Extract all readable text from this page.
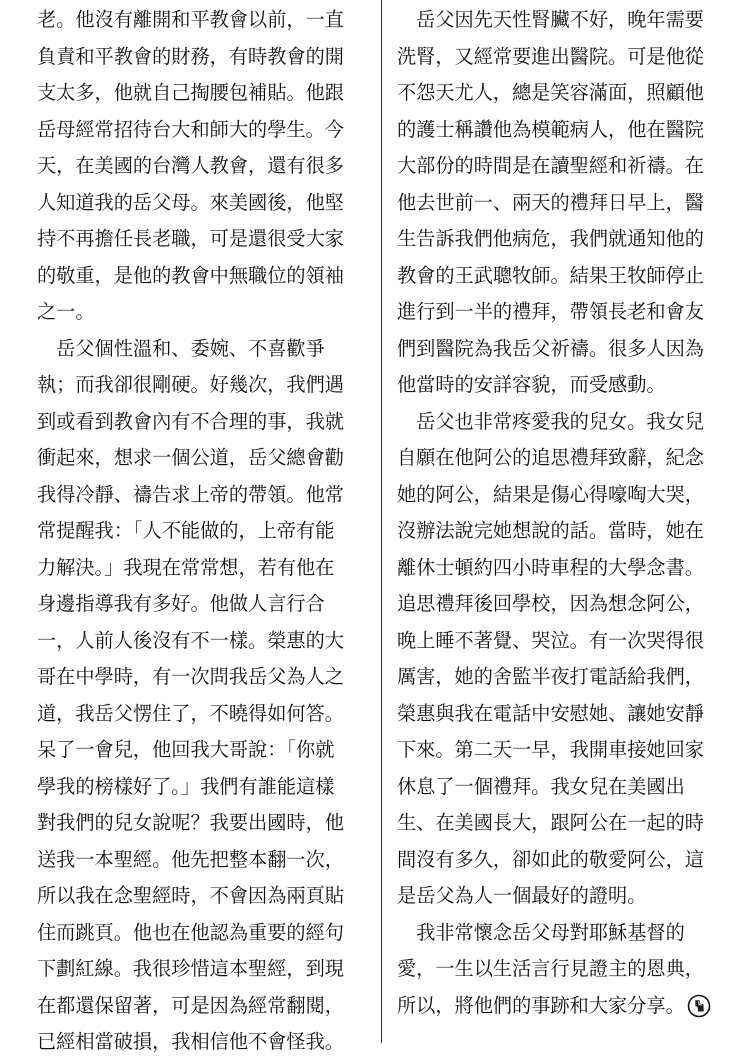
老。他沒有離開和平教會以前，一直
負責和平教會的財務，有時教會的開
支太多，他就自己掏腰包補貼。他跟
岳母經常招待台大和師大的學生。今
天，在美國的台灣人教會，還有很多
人知道我的岳父母。來美國後，他堅
持不再擔任長老職，可是還很受大家
的敬重，是他的教會中無職位的領袖
之一。
　岳父個性溫和、委婉、不喜歡爭
執；而我卻很剛硬。好幾次，我們遇
到或看到教會內有不合理的事，我就
衝起來，想求一個公道，岳父總會勸
我得冷靜、禱告求上帝的帶領。他常
常提醒我：「人不能做的，上帝有能
力解決。」我現在常常想，若有他在
身邊指導我有多好。他做人言行合
一，人前人後沒有不一樣。榮惠的大
哥在中學時，有一次問我岳父為人之
道，我岳父愣住了，不曉得如何答。
呆了一會兒，他回我大哥說：「你就
學我的榜樣好了。」我們有誰能這樣
對我們的兒女說呢？我要出國時，他
送我一本聖經。他先把整本翻一次，
所以我在念聖經時，不會因為兩頁貼
住而跳頁。他也在他認為重要的經句
下劃紅線。我很珍惜這本聖經，到現
在都還保留著，可是因為經常翻閱，
已經相當破損，我相信他不會怪我。
　岳父因先天性腎臟不好，晚年需要
洗腎，又經常要進出醫院。可是他從
不怨天尤人，總是笑容滿面，照顧他
的護士稱讚他為模範病人，他在醫院
大部份的時間是在讀聖經和祈禱。在
他去世前一、兩天的禮拜日早上，醫
生告訴我們他病危，我們就通知他的
教會的王武聰牧師。結果王牧師停止
進行到一半的禮拜，帶領長老和會友
們到醫院為我岳父祈禱。很多人因為
他當時的安詳容貌，而受感動。
　岳父也非常疼愛我的兒女。我女兒
自願在他阿公的追思禮拜致辭，紀念
她的阿公，結果是傷心得嚎啕大哭，
沒辦法說完她想說的話。當時，她在
離休士頓約四小時車程的大學念書。
追思禮拜後回學校，因為想念阿公，
晚上睡不著覺、哭泣。有一次哭得很
厲害，她的舍監半夜打電話給我們，
榮惠與我在電話中安慰她、讓她安靜
下來。第二天一早，我開車接她回家
休息了一個禮拜。我女兒在美國出
生、在美國長大，跟阿公在一起的時
間沒有多久，卻如此的敬愛阿公，這
是岳父為人一個最好的證明。
　我非常懷念岳父母對耶穌基督的
愛，一生以生活言行見證主的恩典，
所以，將他們的事跡和大家分享。
